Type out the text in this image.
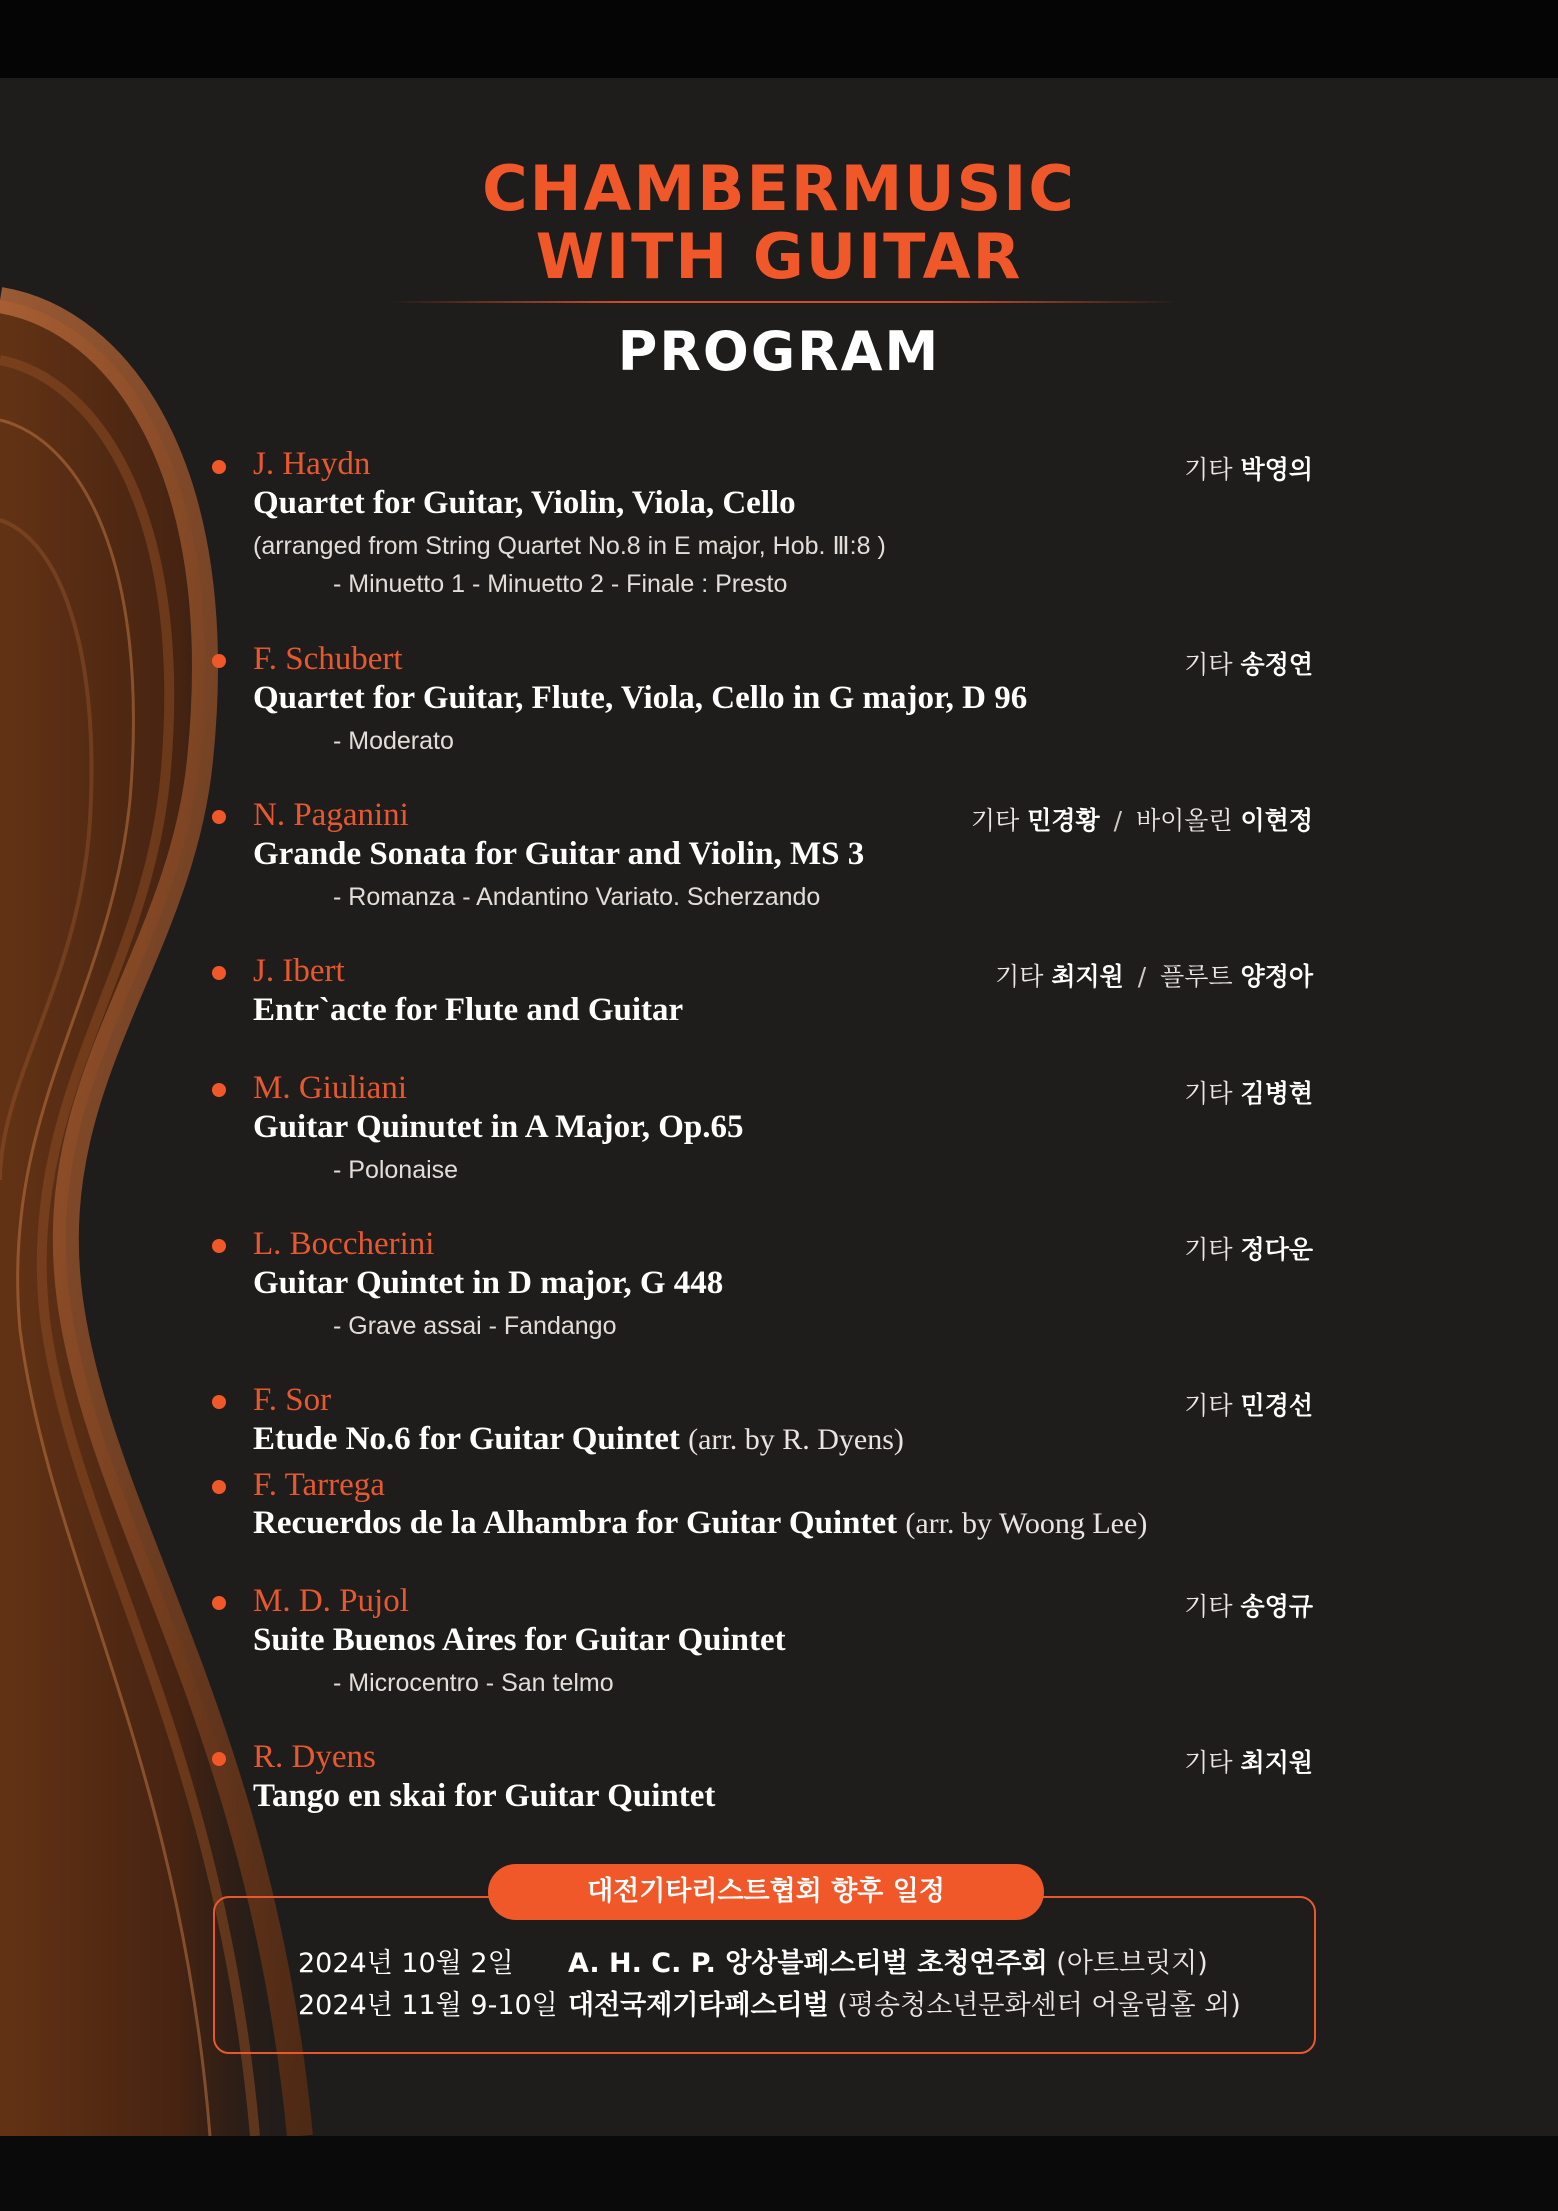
CHAMBERMUSIC
WITH GUITAR
PROGRAM
J. Haydn	기타 박영의
Quartet for Guitar, Violin, Viola, Cello
(arranged from String Quartet No.8 in E major, Hob. Ⅲ:8 )
- Minuetto 1 - Minuetto 2 - Finale : Presto
F. Schubert	기타 송정연
Quartet for Guitar, Flute, Viola, Cello in G major, D 96
- Moderato
N. Paganini	기타 민경황 / 바이올린 이현정
Grande Sonata for Guitar and Violin, MS 3
- Romanza - Andantino Variato. Scherzando
J. Ibert	기타 최지원 / 플루트 양정아
Entr`acte for Flute and Guitar
M. Giuliani	기타 김병현
Guitar Quinutet in A Major, Op.65
- Polonaise
L. Boccherini	기타 정다운
Guitar Quintet in D major, G 448
- Grave assai - Fandango
F. Sor	기타 민경선
Etude No.6 for Guitar Quintet (arr. by R. Dyens)
F. Tarrega
Recuerdos de la Alhambra for Guitar Quintet (arr. by Woong Lee)
M. D. Pujol	기타 송영규
Suite Buenos Aires for Guitar Quintet
- Microcentro - San telmo
R. Dyens	기타 최지원
Tango en skai for Guitar Quintet
대전기타리스트협회 향후 일정
2024년 10월 2일 A. H. C. P. 앙상블페스티벌 초청연주회 (아트브릿지)
2024년 11월 9-10일 대전국제기타페스티벌 (평송청소년문화센터 어울림홀 외)
